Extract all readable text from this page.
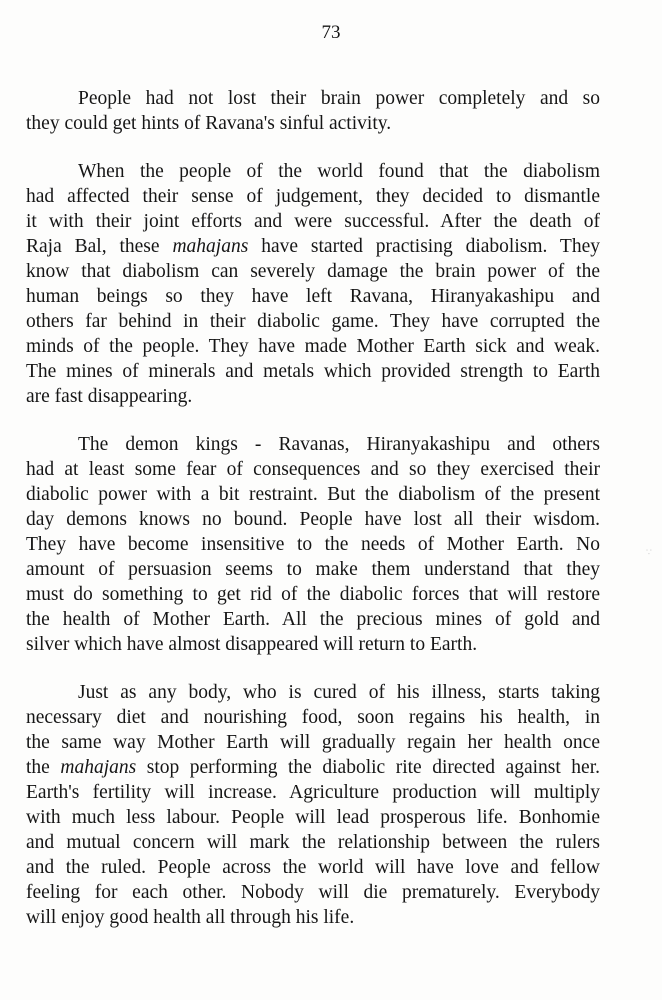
73

People had not lost their brain power completely and so
they could get hints of Ravana's sinful activity.

When the people of the world found that the diabolism
had affected their sense of judgement, they decided to dismantle
it with their joint efforts and were successful. After the death of
Raja Bal, these mahajans have started practising diabolism. They
know that diabolism can severely damage the brain power of the
human beings so they have left Ravana, Hiranyakashipu and
others far behind in their diabolic game. They have corrupted the
minds of the people. They have made Mother Earth sick and weak.
The mines of minerals and metals which provided strength to Earth
are fast disappearing.

The demon kings - Ravanas, Hiranyakashipu and others
had at least some fear of consequences and so they exercised their
diabolic power with a bit restraint. But the diabolism of the present
day demons knows no bound. People have lost all their wisdom.
They have become insensitive to the needs of Mother Earth. No
amount of persuasion seems to make them understand that they
must do something to get rid of the diabolic forces that will restore
the health of Mother Earth. All the precious mines of gold and
silver which have almost disappeared will return to Earth.

Just as any body, who is cured of his illness, starts taking
necessary diet and nourishing food, soon regains his health, in
the same way Mother Earth will gradually regain her health once
the mahajans stop performing the diabolic rite directed against her.
Earth's fertility will increase. Agriculture production will multiply
with much less labour. People will lead prosperous life. Bonhomie
and mutual concern will mark the relationship between the rulers
and the ruled. People across the world will have love and fellow
feeling for each other. Nobody will die prematurely. Everybody
will enjoy good health all through his life.

∵
